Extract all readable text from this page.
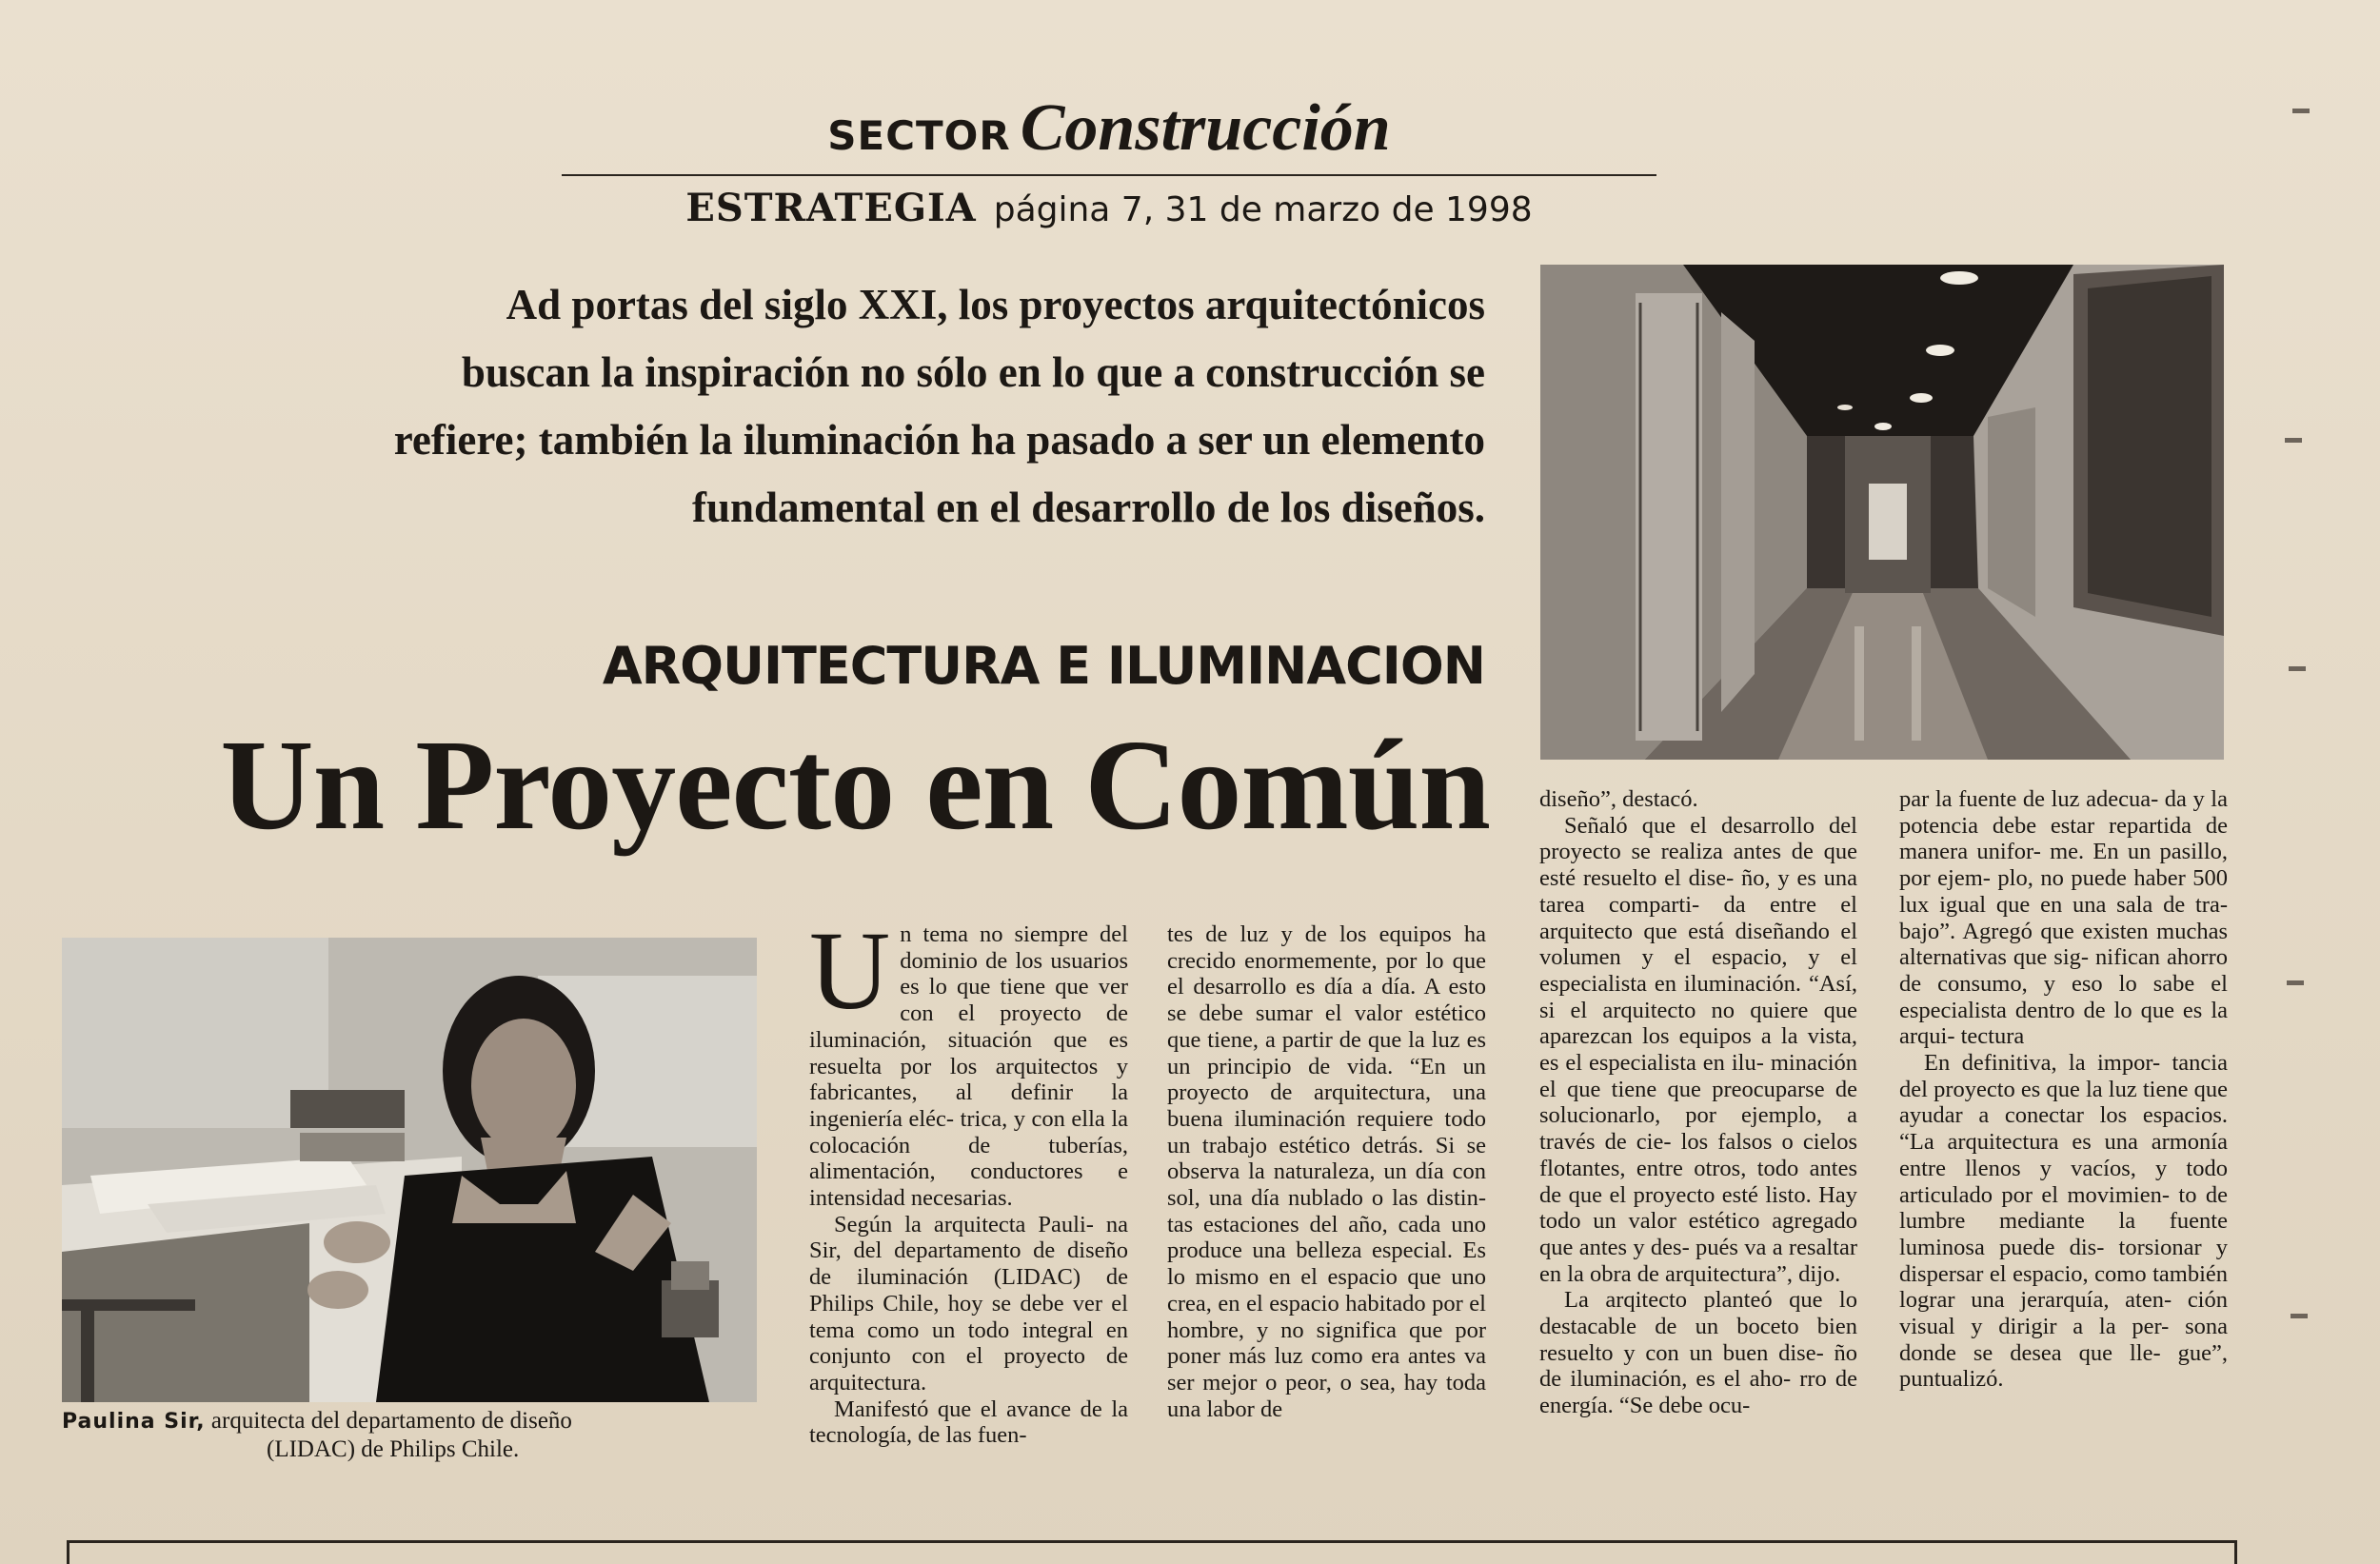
SECTOR Construcción
ESTRATEGIA página 7, 31 de marzo de 1998
Ad portas del siglo XXI, los proyectos arquitectónicos
buscan la inspiración no sólo en lo que a construcción se
refiere; también la iluminación ha pasado a ser un elemento
fundamental en el desarrollo de los diseños.
ARQUITECTURA E ILUMINACION
Un Proyecto en Común
Paulina Sir, arquitecta del departamento de diseño
(LIDAC) de Philips Chile.

Un tema no siempre del dominio de los usuarios es lo que tiene que ver con el proyecto de iluminación, situación que es resuelta por los arquitectos y fabricantes, al definir la ingeniería eléc- trica, y con ella la colocación de tuberías, alimentación, conductores e intensidad necesarias.

Según la arquitecta Pauli- na Sir, del departamento de diseño de iluminación (LIDAC) de Philips Chile, hoy se debe ver el tema como un todo integral en conjunto con el proyecto de arquitectura.

Manifestó que el avance de la tecnología, de las fuen-

tes de luz y de los equipos ha crecido enormemente, por lo que el desarrollo es día a día. A esto se debe sumar el valor estético que tiene, a partir de que la luz es un principio de vida. “En un proyecto de arquitectura, una buena iluminación requiere todo un trabajo estético detrás. Si se observa la naturaleza, un día con sol, una día nublado o las distin- tas estaciones del año, cada uno produce una belleza especial. Es lo mismo en el espacio que uno crea, en el espacio habitado por el hombre, y no significa que por poner más luz como era antes va ser mejor o peor, o sea, hay toda una labor de

diseño”, destacó.

Señaló que el desarrollo del proyecto se realiza antes de que esté resuelto el dise- ño, y es una tarea comparti- da entre el arquitecto que está diseñando el volumen y el espacio, y el especialista en iluminación. “Así, si el arquitecto no quiere que aparezcan los equipos a la vista, es el especialista en ilu- minación el que tiene que preocuparse de solucionarlo, por ejemplo, a través de cie- los falsos o cielos flotantes, entre otros, todo antes de que el proyecto esté listo. Hay todo un valor estético agregado que antes y des- pués va a resaltar en la obra de arquitectura”, dijo.

La arqitecto planteó que lo destacable de un boceto bien resuelto y con un buen dise- ño de iluminación, es el aho- rro de energía. “Se debe ocu-

par la fuente de luz adecua- da y la potencia debe estar repartida de manera unifor- me. En un pasillo, por ejem- plo, no puede haber 500 lux igual que en una sala de tra- bajo”. Agregó que existen muchas alternativas que sig- nifican ahorro de consumo, y eso lo sabe el especialista dentro de lo que es la arqui- tectura

En definitiva, la impor- tancia del proyecto es que la luz tiene que ayudar a conectar los espacios. “La arquitectura es una armonía entre llenos y vacíos, y todo articulado por el movimien- to de lumbre mediante la fuente luminosa puede dis- torsionar y dispersar el espacio, como también lograr una jerarquía, aten- ción visual y dirigir a la per- sona donde se desea que lle- gue”, puntualizó.
